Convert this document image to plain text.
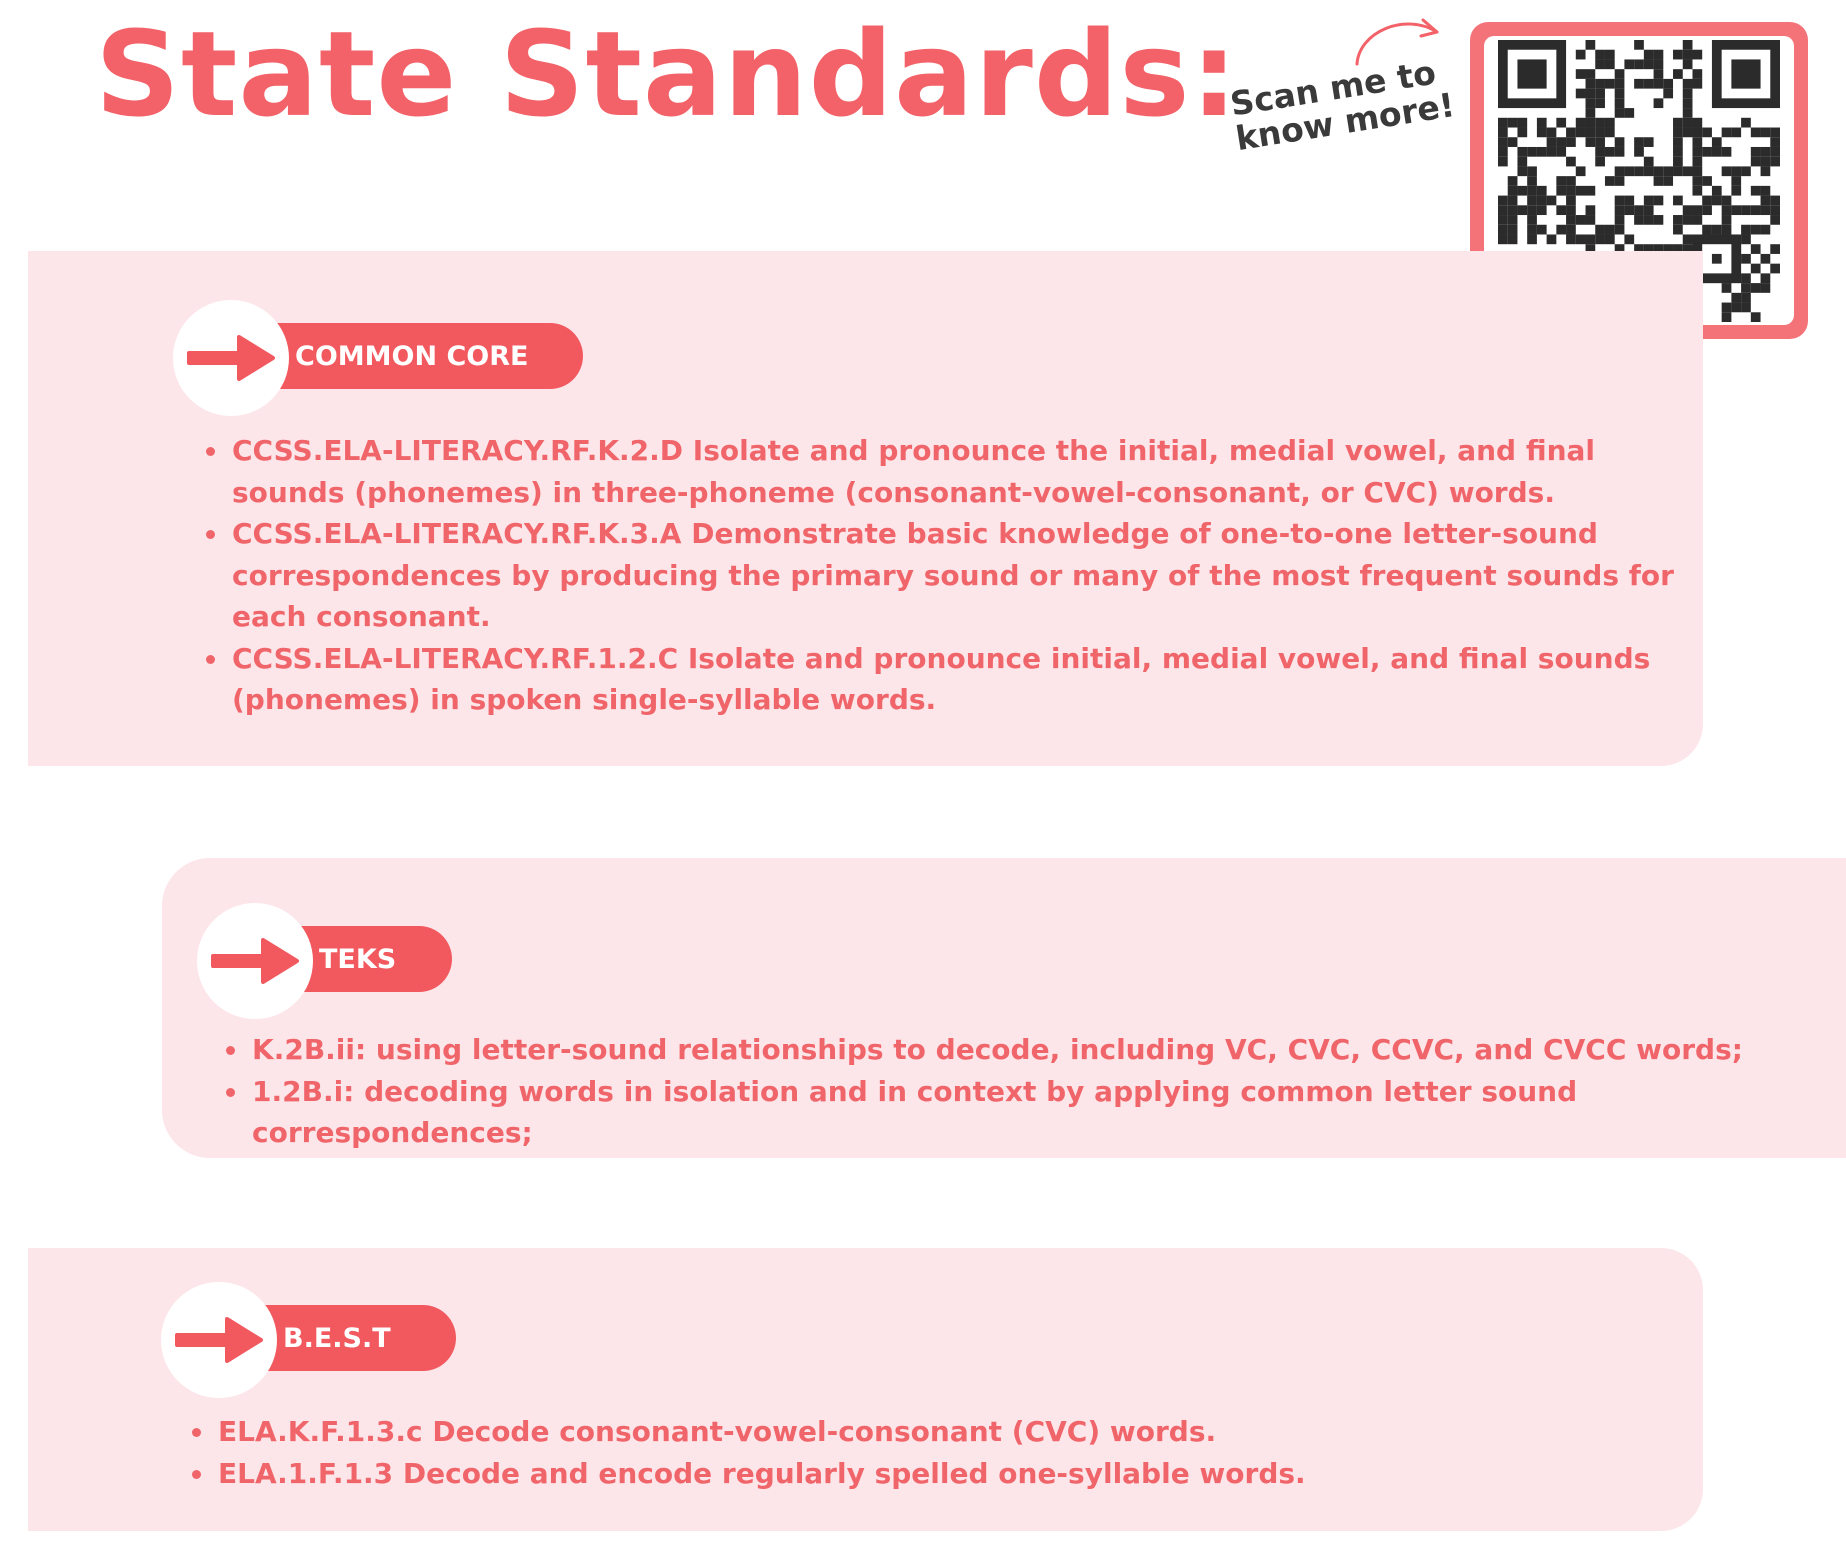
State Standards:
Scan me to know more!
COMMON CORE
• CCSS.ELA-LITERACY.RF.K.2.D Isolate and pronounce the initial, medial vowel, and final sounds (phonemes) in three-phoneme (consonant-vowel-consonant, or CVC) words.
• CCSS.ELA-LITERACY.RF.K.3.A Demonstrate basic knowledge of one-to-one letter-sound correspondences by producing the primary sound or many of the most frequent sounds for each consonant.
• CCSS.ELA-LITERACY.RF.1.2.C Isolate and pronounce initial, medial vowel, and final sounds (phonemes) in spoken single-syllable words.
TEKS
• K.2B.ii: using letter-sound relationships to decode, including VC, CVC, CCVC, and CVCC words;
• 1.2B.i: decoding words in isolation and in context by applying common letter sound correspondences;
B.E.S.T
• ELA.K.F.1.3.c Decode consonant-vowel-consonant (CVC) words.
• ELA.1.F.1.3 Decode and encode regularly spelled one-syllable words.
